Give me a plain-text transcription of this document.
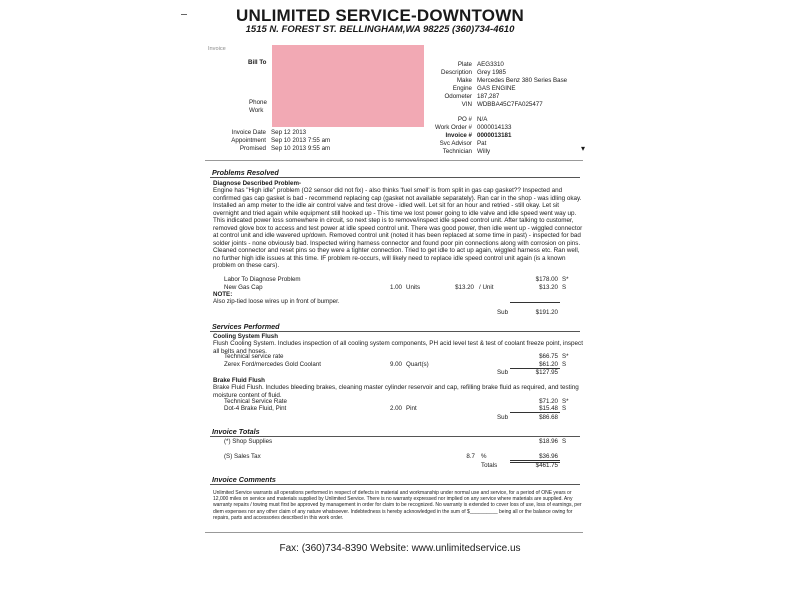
UNLIMITED SERVICE-DOWNTOWN
1515 N. FOREST ST. BELLINGHAM,WA 98225 (360)734-4610
Invoice
Bill To
Phone
Work
Invoice Date Sep 12 2013
Appointment Sep 10 2013 7:55 am
Promised Sep 10 2013 9:55 am
Plate AEG3310
Description Grey 1985
Make Mercedes Benz 380 Series Base
Engine GAS ENGINE
Odometer 187,287
VIN WDBBA45C7FA025477
PO # N/A
Work Order # 0000014133
Invoice # 0000013181
Svc Advisor Pat
Technician Willy	▾
Problems Resolved
Diagnose Described Problem-
Engine has "High idle" problem (O2 sensor did not fix) - also thinks 'fuel smell' is from split in gas cap gasket?? Inspected and confirmed gas cap gasket is bad - recommend replacing cap (gasket not available separately). Ran car in the shop - was idling okay. Installed an amp meter to the idle air control valve and test drove - idled well. Let sit for an hour and retried - still okay. Let sit overnight and tried again while equipment still hooked up - This time we lost power going to idle valve and idle speed went way up. This indicated power loss somewhere in circuit, so next step is to remove/inspect idle speed control unit. After talking to customer, removed glove box to access and test power at idle speed control unit. There was good power, then idle went up - wiggled connector at control unit and idle wavered up/down. Removed control unit (noted it has been replaced at some time in past) - inspected for bad solder joints - none obviously bad. Inspected wiring harness connector and found poor pin connections along with corrosion on pins. Cleaned connector and reset pins so they were a tighter connection. Tried to get idle to act up again, wiggled harness etc. Ran well, no further high idle issues at this time. IF problem re-occurs, will likely need to replace idle speed control unit again (is a known problem on these cars).
Labor To Diagnose Problem	$178.00 S*
New Gas Cap	1.00 Units	$13.20 / Unit	$13.20 S
NOTE:
Also zip-tied loose wires up in front of bumper.
Sub	$191.20
Services Performed
Cooling System Flush
Flush Cooling System. Includes inspection of all cooling system components, PH acid level test & test of coolant freeze point, inspect all belts and hoses.
Technical service rate	$66.75 S*
Zerex Ford/mercedes Gold Coolant	9.00 Quart(s)	$61.20 S
Sub	$127.95
Brake Fluid Flush
Brake Fluid Flush. Includes bleeding brakes, cleaning master cylinder reservoir and cap, refilling brake fluid as required, and testing moisture content of fluid.
Technical Service Rate	$71.20 S*
Dot-4 Brake Fluid, Pint	2.00 Pint	$15.48 S
Sub	$86.68
Invoice Totals
(*) Shop Supplies	$18.96 S
(S) Sales Tax	8.7 %	$36.96
Totals	$461.75
Invoice Comments
Unlimited Service warrants all operations performed in respect of defects in material and workmanship under normal use and service, for a period of ONE years or 12,000 miles on service and materials supplied by Unlimited Service. There is no warranty expressed nor implied on any service where materials are supplied. Any warranty repairs / towing must first be approved by management in order for claim to be recognized. No warranty is extended to cover loss of use, loss of earnings, per diem expenses nor any other claim of any nature whatsoever. Indebtedness is hereby acknowledged in the sum of $__________ being all or the balance owing for repairs, parts and accessories described in this work order.
Fax: (360)734-8390 Website: www.unlimitedservice.us
